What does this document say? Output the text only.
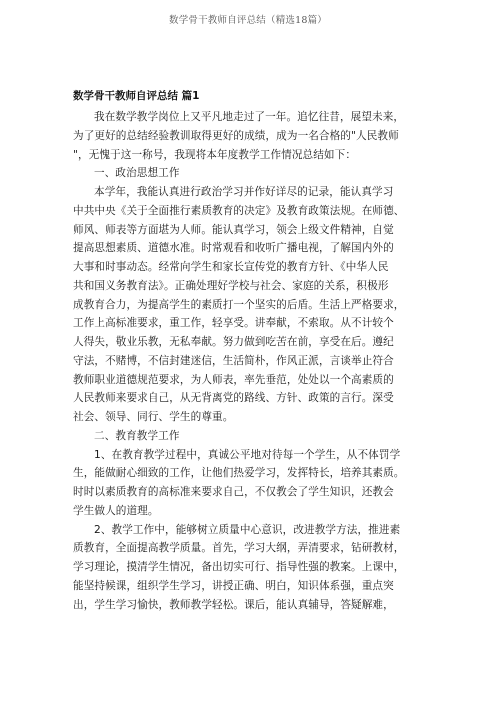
数学骨干教师自评总结（精选18篇）
数学骨干教师自评总结 篇1
我在数学教学岗位上又平凡地走过了一年。追忆往昔，展望未来，
为了更好的总结经验教训取得更好的成绩，成为一名合格的"人民教师
"，无愧于这一称号，我现将本年度教学工作情况总结如下：
一、政治思想工作
本学年，我能认真进行政治学习并作好详尽的记录，能认真学习
中共中央《关于全面推行素质教育的决定》及教育政策法规。在师德、
师风、师表等方面堪为人师。能认真学习，领会上级文件精神，自觉
提高思想素质、道德水准。时常观看和收听广播电视，了解国内外的
大事和时事动态。经常向学生和家长宣传党的教育方针、《中华人民
共和国义务教育法》。正确处理好学校与社会、家庭的关系，积极形
成教育合力，为提高学生的素质打一个坚实的后盾。生活上严格要求，
工作上高标准要求，重工作，轻享受。讲奉献，不索取。从不计较个
人得失，敬业乐教，无私奉献。努力做到吃苦在前，享受在后。遵纪
守法，不赌博，不信封建迷信，生活简朴，作风正派，言谈举止符合
教师职业道德规范要求，为人师表，率先垂范，处处以一个高素质的
人民教师来要求自己，从无背离党的路线、方针、政策的言行。深受
社会、领导、同行、学生的尊重。
二、教育教学工作
1、在教育教学过程中，真诚公平地对待每一个学生，从不体罚学
生，能做耐心细致的工作，让他们热爱学习，发挥特长，培养其素质。
时时以素质教育的高标准来要求自己，不仅教会了学生知识，还教会
学生做人的道理。
2、教学工作中，能够树立质量中心意识，改进教学方法，推进素
质教育，全面提高教学质量。首先，学习大纲，弄清要求，钻研教材，
学习理论，摸清学生情况，备出切实可行、指导性强的教案。上课中，
能坚持候课，组织学生学习，讲授正确、明白，知识体系强，重点突
出，学生学习愉快，教师教学轻松。课后，能认真辅导，答疑解难，
